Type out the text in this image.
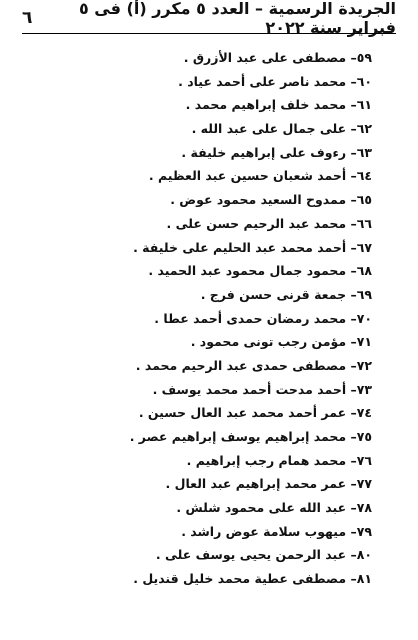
الجريدة الرسمية – العدد ٥ مكرر (أ) فى ٥ فبراير سنة ٢٠٢٢
٦
٥٩– مصطفى على عبد الأزرق .
٦٠– محمد ناصر على أحمد عياد .
٦١– محمد خلف إبراهيم محمد .
٦٢– على جمال على عبد الله .
٦٣– رءوف على إبراهيم خليفة .
٦٤– أحمد شعبان حسين عبد العظيم .
٦٥– ممدوح السعيد محمود عوض .
٦٦– محمد عبد الرحيم حسن على .
٦٧– أحمد محمد عبد الحليم على خليفة .
٦٨– محمود جمال محمود عبد الحميد .
٦٩– جمعة قرنى حسن فرج .
٧٠– محمد رمضان حمدى أحمد عطا .
٧١– مؤمن رجب تونى محمود .
٧٢– مصطفى حمدى عبد الرحيم محمد .
٧٣– أحمد مدحت أحمد محمد يوسف .
٧٤– عمر أحمد محمد عبد العال حسين .
٧٥– محمد إبراهيم يوسف إبراهيم عصر .
٧٦– محمد همام رجب إبراهيم .
٧٧– عمر محمد إبراهيم عبد العال .
٧٨– عبد الله على محمود شلش .
٧٩– ميهوب سلامة عوض راشد .
٨٠– عبد الرحمن يحيى يوسف على .
٨١– مصطفى عطية محمد خليل قنديل .
